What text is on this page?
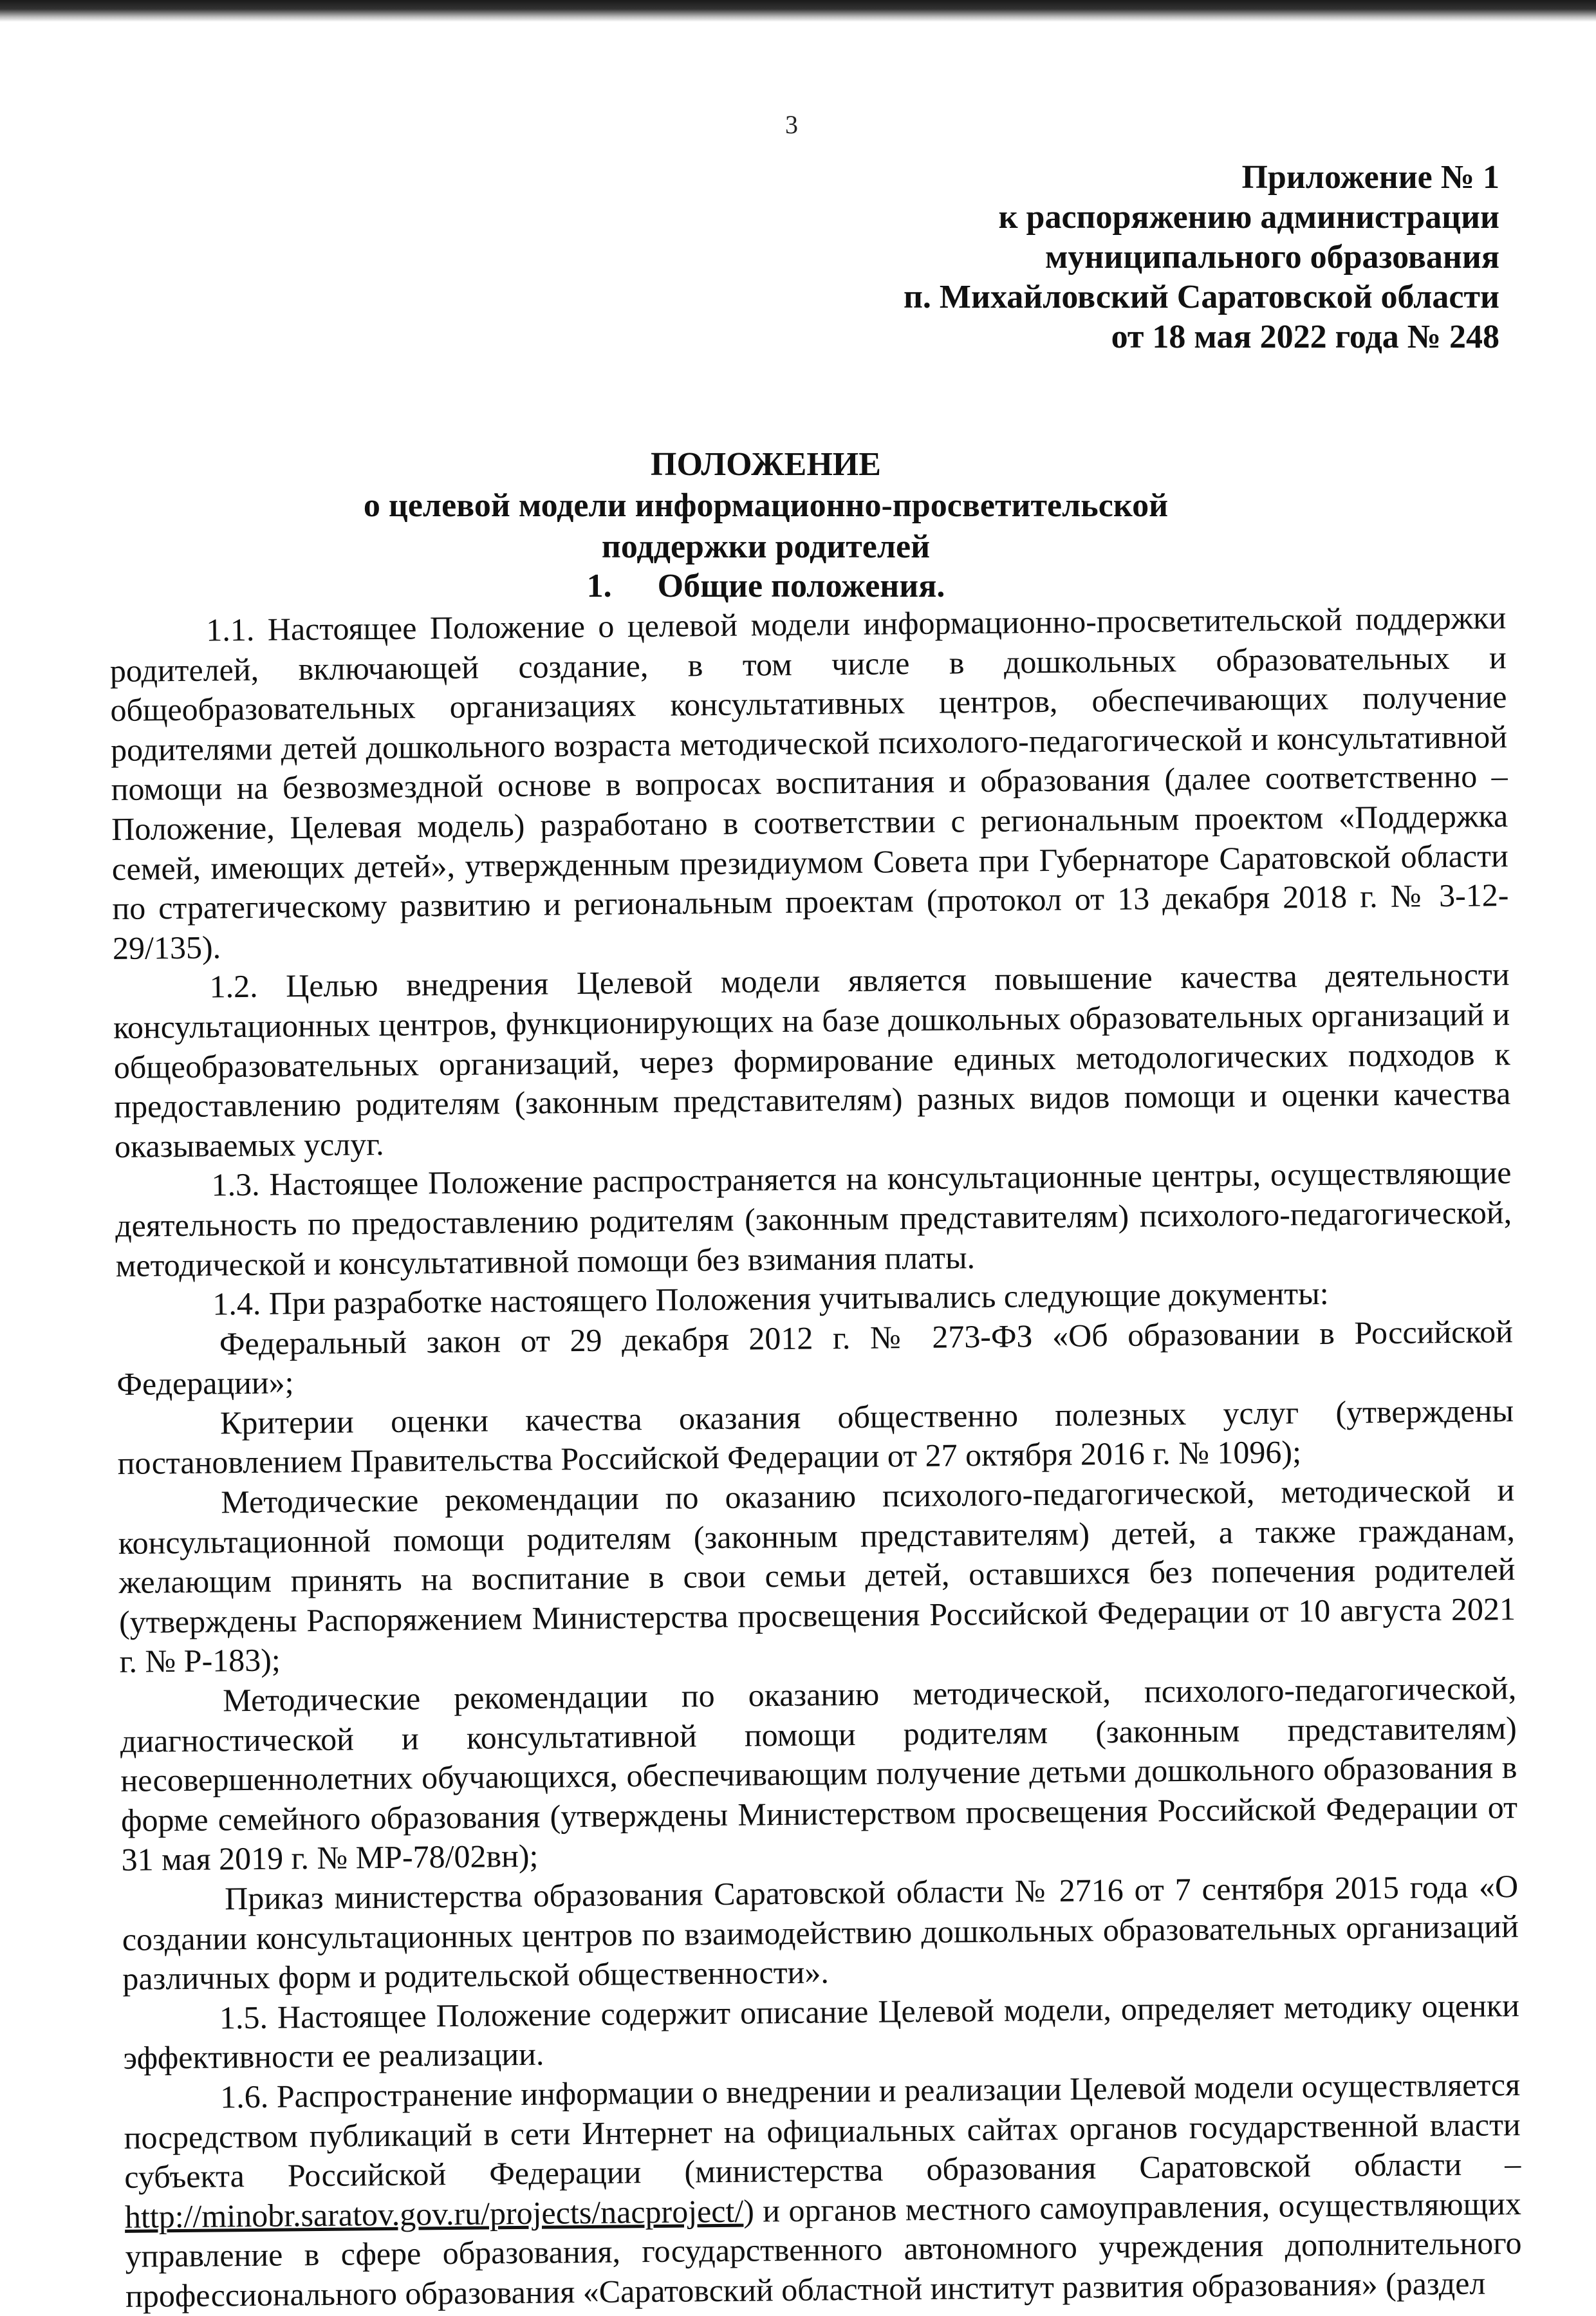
3
Приложение № 1
к распоряжению администрации
муниципального образования
п. Михайловский Саратовской области
от 18 мая 2022 года № 248
ПОЛОЖЕНИЕ
о целевой модели информационно-просветительской
поддержки родителей
1. Общие положения.

1.1. Настоящее Положение о целевой модели информационно-просветительской поддержки родителей, включающей создание, в том числе в дошкольных образовательных и общеобразовательных организациях консультативных центров, обеспечивающих получение родителями детей дошкольного возраста методической психолого-педагогической и консультативной помощи на безвозмездной основе в вопросах воспитания и образования (далее соответственно – Положение, Целевая модель) разработано в соответствии с региональным проектом «Поддержка семей, имеющих детей», утвержденным президиумом Совета при Губернаторе Саратовской области по стратегическому развитию и региональным проектам (протокол от 13 декабря 2018 г. № 3-12-29/135).

1.2. Целью внедрения Целевой модели является повышение качества деятельности консультационных центров, функционирующих на базе дошкольных образовательных организаций и общеобразовательных организаций, через формирование единых методологических подходов к предоставлению родителям (законным представителям) разных видов помощи и оценки качества оказываемых услуг.

1.3. Настоящее Положение распространяется на консультационные центры, осуществляющие деятельность по предоставлению родителям (законным представителям) психолого-педагогической, методической и консультативной помощи без взимания платы.

1.4. При разработке настоящего Положения учитывались следующие документы:

Федеральный закон от 29 декабря 2012 г. № 273-ФЗ «Об образовании в Российской Федерации»;

Критерии оценки качества оказания общественно полезных услуг (утверждены постановлением Правительства Российской Федерации от 27 октября 2016 г. № 1096);

Методические рекомендации по оказанию психолого-педагогической, методической и консультационной помощи родителям (законным представителям) детей, а также гражданам, желающим принять на воспитание в свои семьи детей, оставшихся без попечения родителей (утверждены Распоряжением Министерства просвещения Российской Федерации от 10 августа 2021 г. № Р-183);

Методические рекомендации по оказанию методической, психолого-педагогической, диагностической и консультативной помощи родителям (законным представителям) несовершеннолетних обучающихся, обеспечивающим получение детьми дошкольного образования в форме семейного образования (утверждены Министерством просвещения Российской Федерации от 31 мая 2019 г. № МР-78/02вн);

Приказ министерства образования Саратовской области № 2716 от 7 сентября 2015 года «О создании консультационных центров по взаимодействию дошкольных образовательных организаций различных форм и родительской общественности».

1.5. Настоящее Положение содержит описание Целевой модели, определяет методику оценки эффективности ее реализации.

1.6. Распространение информации о внедрении и реализации Целевой модели осуществляется посредством публикаций в сети Интернет на официальных сайтах органов государственной власти субъекта Российской Федерации (министерства образования Саратовской области – http://minobr.saratov.gov.ru/projects/nacproject/) и органов местного самоуправления, осуществляющих управление в сфере образования, государственного автономного учреждения дополнительного профессионального образования «Саратовский областной институт развития образования» (раздел
